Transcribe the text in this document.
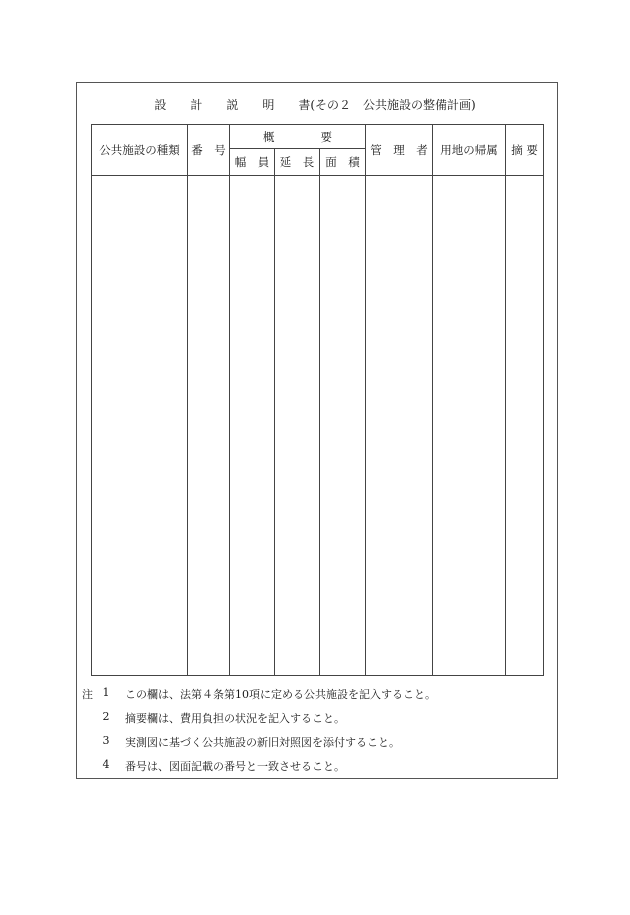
設　　計　　説　　明　　書(その２　公共施設の整備計画)
公共施設の種類	番　号	概　　　　要			管　理　者	用地の帰属	摘 要
		幅　員	延　長	面　積			

注 1	この欄は、法第４条第10項に定める公共施設を記入すること。
2	摘要欄は、費用負担の状況を記入すること。
3	実測図に基づく公共施設の新旧対照図を添付すること。
4	番号は、図面記載の番号と一致させること。
